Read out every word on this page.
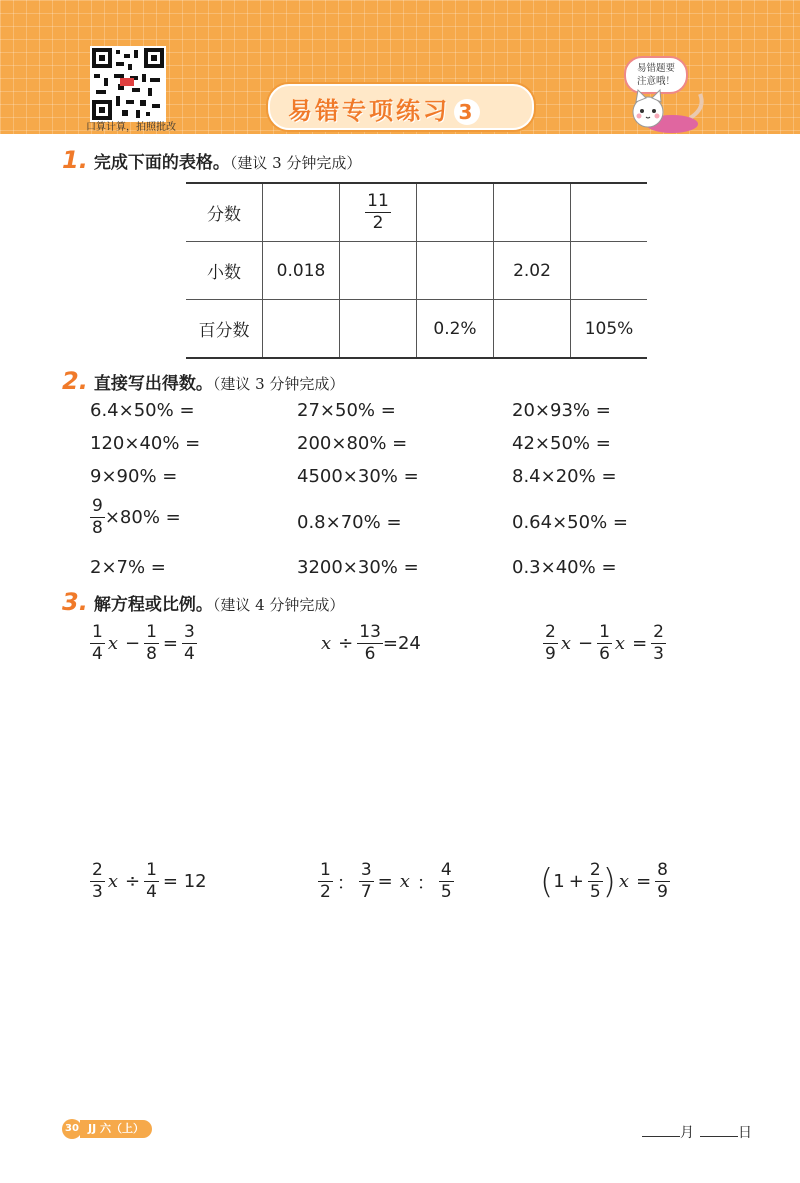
口算计算，拍照批改
易错专项练习 3
易错题要
注意哦！
1. 完成下面的表格。（建议 3 分钟完成）
分数		$\frac{11}{2}$

小数	0.018			2.02	
百分数			0.2%		105%
2. 直接写出得数。（建议 3 分钟完成）
6.4×50% =	27×50% =	20×93% =
120×40% =	200×80% =	42×50% =
9×90% =	4500×30% =	8.4×20% =
$\frac{9}{8} \times 80\%$ =	0.8×70% =	0.64×50% =
2×7% =	3200×30% =	0.3×40% =
3. 解方程或比例。（建议 4 分钟完成）
$\frac{1}{4}$ $x - \frac{1}{8} = \frac{3}{4}$	$x \div \frac{13}{6} =24$	$\frac{2}{9}$ $x - \frac{1}{6}$ $x = \frac{2}{3}$
$\frac{2}{3}$ $x \div \frac{1}{4} = 12$	$\frac{1}{2}$ ： $\frac{3}{7} = x$ ： $\frac{4}{5}$	( $1 + \frac{2}{5}$ ) $x = \frac{8}{9}$
30 JJ 六（上）	月	日
